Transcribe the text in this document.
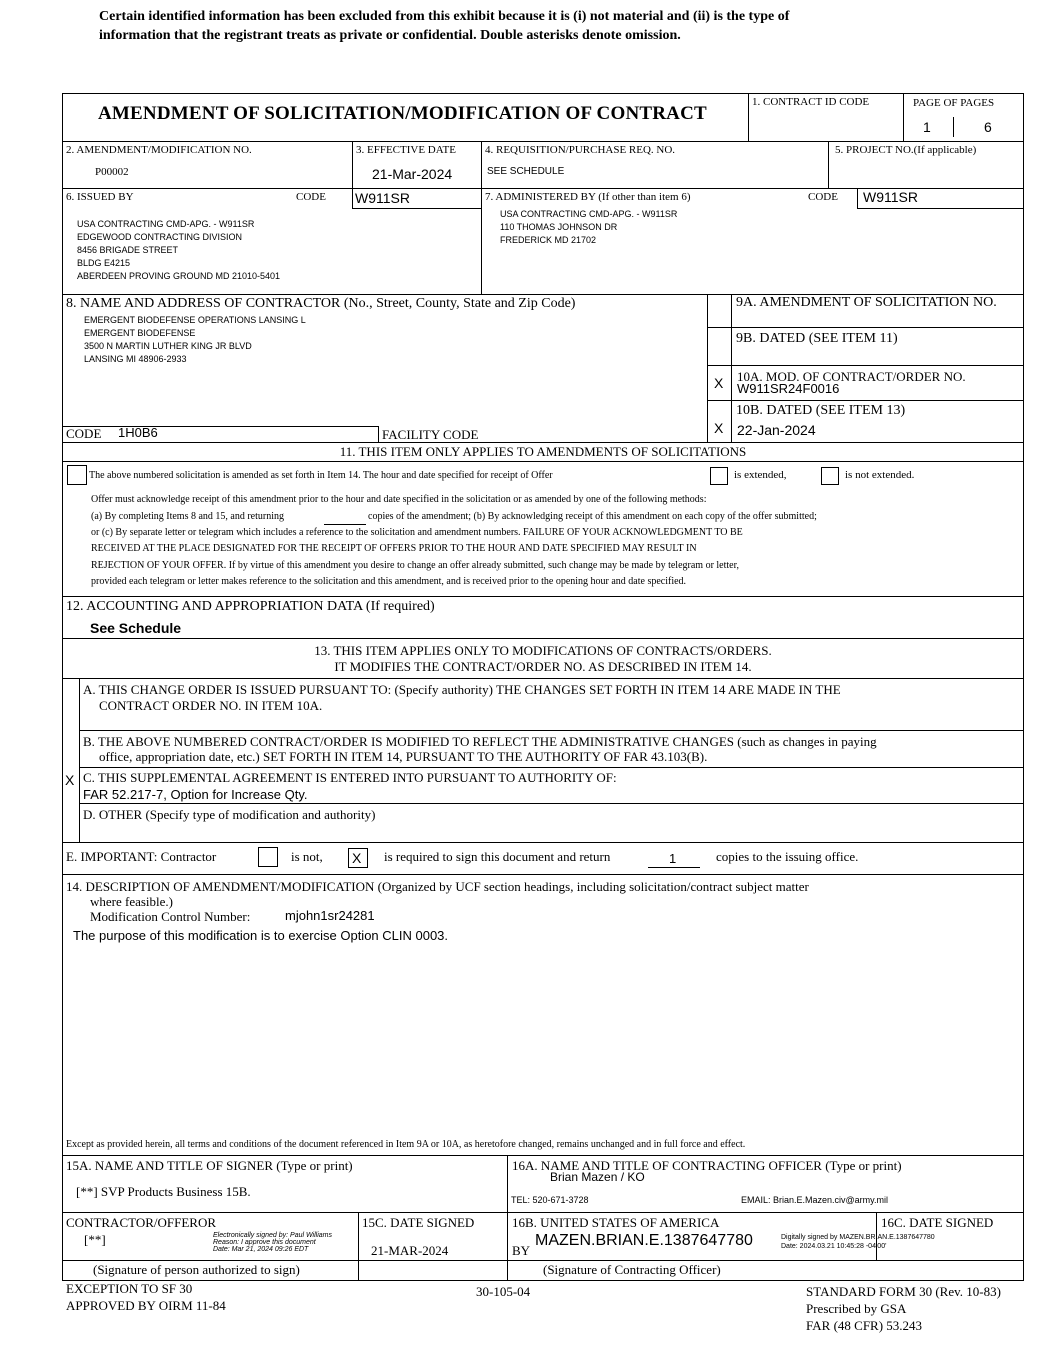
Certain identified information has been excluded from this exhibit because it is (i) not material and (ii) is the type of
information that the registrant treats as private or confidential. Double asterisks denote omission.
AMENDMENT OF SOLICITATION/MODIFICATION OF CONTRACT
1. CONTRACT ID CODE	PAGE OF PAGES
1	6
2. AMENDMENT/MODIFICATION NO.
P00002
3. EFFECTIVE DATE
21-Mar-2024
4. REQUISITION/PURCHASE REQ. NO.
SEE SCHEDULE
5. PROJECT NO.(If applicable)
6. ISSUED BY	CODE W911SR
USA CONTRACTING CMD-APG. - W911SR
EDGEWOOD CONTRACTING DIVISION
8456 BRIGADE STREET
BLDG E4215
ABERDEEN PROVING GROUND MD 21010-5401
7. ADMINISTERED BY (If other than item 6)	CODE W911SR
USA CONTRACTING CMD-APG. - W911SR
110 THOMAS JOHNSON DR
FREDERICK MD 21702
8. NAME AND ADDRESS OF CONTRACTOR (No., Street, County, State and Zip Code)
EMERGENT BIODEFENSE OPERATIONS LANSING L
EMERGENT BIODEFENSE
3500 N MARTIN LUTHER KING JR BLVD
LANSING MI 48906-2933
CODE 1H0B6	FACILITY CODE
9A. AMENDMENT OF SOLICITATION NO.
9B. DATED (SEE ITEM 11)
X 10A. MOD. OF CONTRACT/ORDER NO.
W911SR24F0016
10B. DATED (SEE ITEM 13)
X 22-Jan-2024
11. THIS ITEM ONLY APPLIES TO AMENDMENTS OF SOLICITATIONS
The above numbered solicitation is amended as set forth in Item 14. The hour and date specified for receipt of Offer	is extended,	is not extended.
Offer must acknowledge receipt of this amendment prior to the hour and date specified in the solicitation or as amended by one of the following methods:
(a) By completing Items 8 and 15, and returning	copies of the amendment; (b) By acknowledging receipt of this amendment on each copy of the offer submitted;
or (c) By separate letter or telegram which includes a reference to the solicitation and amendment numbers. FAILURE OF YOUR ACKNOWLEDGMENT TO BE
RECEIVED AT THE PLACE DESIGNATED FOR THE RECEIPT OF OFFERS PRIOR TO THE HOUR AND DATE SPECIFIED MAY RESULT IN
REJECTION OF YOUR OFFER. If by virtue of this amendment you desire to change an offer already submitted, such change may be made by telegram or letter,
provided each telegram or letter makes reference to the solicitation and this amendment, and is received prior to the opening hour and date specified.
12. ACCOUNTING AND APPROPRIATION DATA (If required)
See Schedule
13. THIS ITEM APPLIES ONLY TO MODIFICATIONS OF CONTRACTS/ORDERS.
IT MODIFIES THE CONTRACT/ORDER NO. AS DESCRIBED IN ITEM 14.
A. THIS CHANGE ORDER IS ISSUED PURSUANT TO: (Specify authority) THE CHANGES SET FORTH IN ITEM 14 ARE MADE IN THE
CONTRACT ORDER NO. IN ITEM 10A.
B. THE ABOVE NUMBERED CONTRACT/ORDER IS MODIFIED TO REFLECT THE ADMINISTRATIVE CHANGES (such as changes in paying
office, appropriation date, etc.) SET FORTH IN ITEM 14, PURSUANT TO THE AUTHORITY OF FAR 43.103(B).
X C. THIS SUPPLEMENTAL AGREEMENT IS ENTERED INTO PURSUANT TO AUTHORITY OF:
FAR 52.217-7, Option for Increase Qty.
D. OTHER (Specify type of modification and authority)
E. IMPORTANT: Contractor	is not, X is required to sign this document and return	1	copies to the issuing office.
14. DESCRIPTION OF AMENDMENT/MODIFICATION (Organized by UCF section headings, including solicitation/contract subject matter
where feasible.)
Modification Control Number:	mjohn1sr24281
The purpose of this modification is to exercise Option CLIN 0003.
Except as provided herein, all terms and conditions of the document referenced in Item 9A or 10A, as heretofore changed, remains unchanged and in full force and effect.
15A. NAME AND TITLE OF SIGNER (Type or print)
[**] SVP Products Business 15B.
16A. NAME AND TITLE OF CONTRACTING OFFICER (Type or print)
Brian Mazen / KO
TEL: 520-671-3728	EMAIL: Brian.E.Mazen.civ@army.mil
CONTRACTOR/OFFEROR
[**]	Electronically signed by: Paul Williams
Reason: I approve this document
Date: Mar 21, 2024 09:26 EDT
15C. DATE SIGNED
21-MAR-2024
16B. UNITED STATES OF AMERICA
BY
MAZEN.BRIAN.E.1387647780	Digitally signed by MAZEN.BRIAN.E.1387647780
Date: 2024.03.21 10:45:28 -04'00'
16C. DATE SIGNED
(Signature of person authorized to sign)	(Signature of Contracting Officer)
EXCEPTION TO SF 30
APPROVED BY OIRM 11-84
30-105-04	STANDARD FORM 30 (Rev. 10-83)
Prescribed by GSA
FAR (48 CFR) 53.243
